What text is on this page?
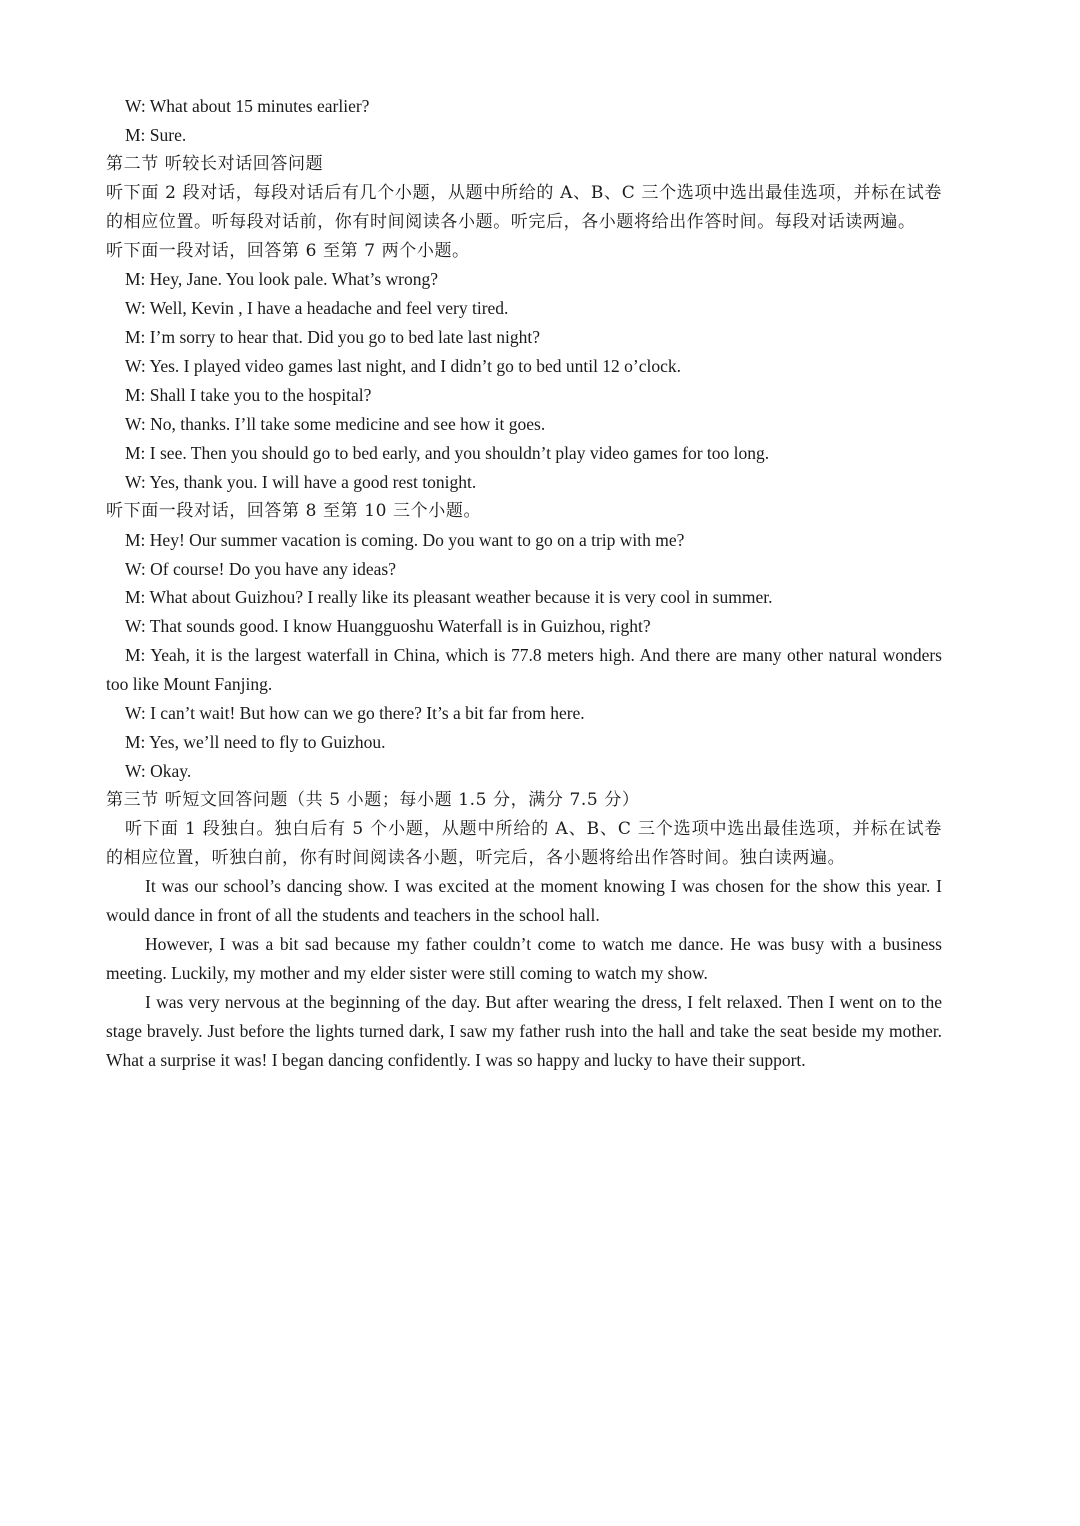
W: What about 15 minutes earlier?
M: Sure.
第二节 听较长对话回答问题
听下面 2 段对话，每段对话后有几个小题，从题中所给的 A、B、C 三个选项中选出最佳选项，并标在试卷的相应位置。听每段对话前，你有时间阅读各小题。听完后，各小题将给出作答时间。每段对话读两遍。
听下面一段对话，回答第 6 至第 7 两个小题。
M: Hey, Jane. You look pale. What’s wrong?
W: Well, Kevin , I have a headache and feel very tired.
M: I’m sorry to hear that. Did you go to bed late last night?
W: Yes. I played video games last night, and I didn’t go to bed until 12 o’clock.
M: Shall I take you to the hospital?
W: No, thanks. I’ll take some medicine and see how it goes.
M: I see. Then you should go to bed early, and you shouldn’t play video games for too long.
W: Yes, thank you. I will have a good rest tonight.
听下面一段对话，回答第 8 至第 10 三个小题。
M: Hey! Our summer vacation is coming. Do you want to go on a trip with me?
W: Of course! Do you have any ideas?
M: What about Guizhou? I really like its pleasant weather because it is very cool in summer.
W: That sounds good. I know Huangguoshu Waterfall is in Guizhou, right?
M: Yeah, it is the largest waterfall in China, which is 77.8 meters high. And there are many other natural wonders too like Mount Fanjing.
W: I can’t wait! But how can we go there? It’s a bit far from here.
M: Yes, we’ll need to fly to Guizhou.
W: Okay.
第三节 听短文回答问题（共 5 小题；每小题 1.5 分，满分 7.5 分）
听下面 1 段独白。独白后有 5 个小题，从题中所给的 A、B、C 三个选项中选出最佳选项，并标在试卷的相应位置，听独白前，你有时间阅读各小题，听完后，各小题将给出作答时间。独白读两遍。
It was our school’s dancing show. I was excited at the moment knowing I was chosen for the show this year. I would dance in front of all the students and teachers in the school hall.
However, I was a bit sad because my father couldn’t come to watch me dance. He was busy with a business meeting. Luckily, my mother and my elder sister were still coming to watch my show.
I was very nervous at the beginning of the day. But after wearing the dress, I felt relaxed. Then I went on to the stage bravely. Just before the lights turned dark, I saw my father rush into the hall and take the seat beside my mother. What a surprise it was! I began dancing confidently. I was so happy and lucky to have their support.
